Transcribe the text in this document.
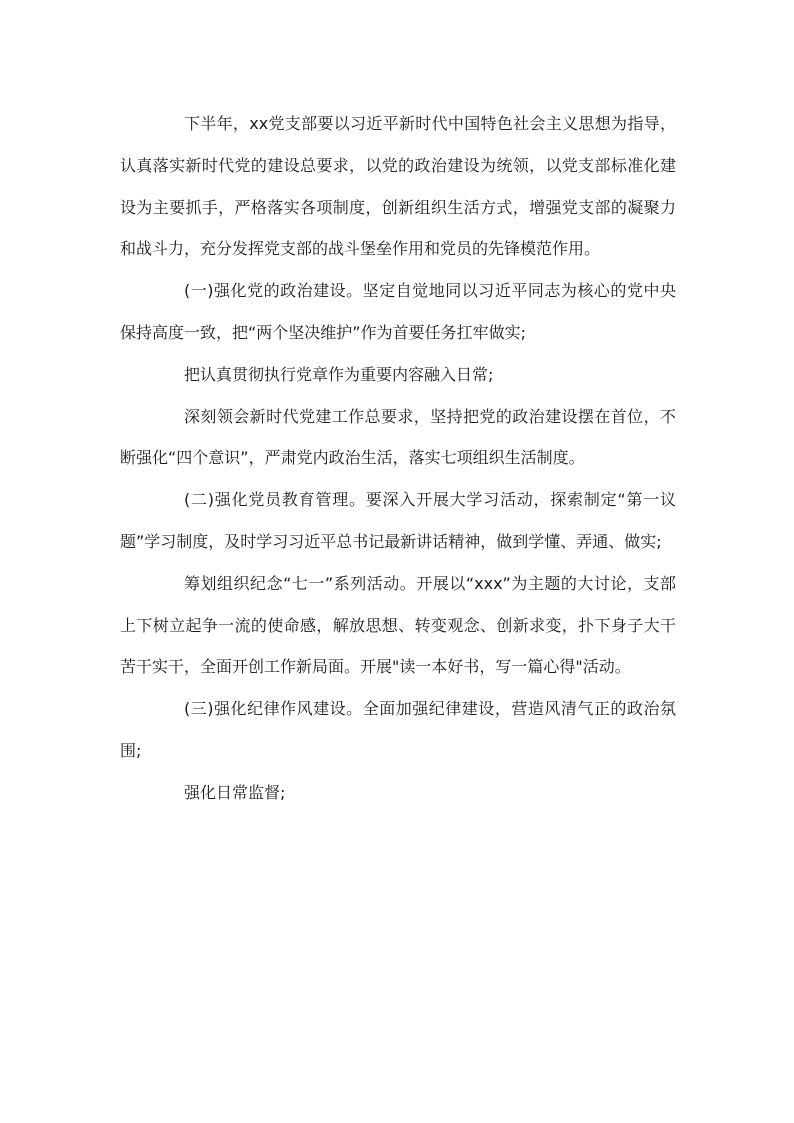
下半年，xx党支部要以习近平新时代中国特色社会主义思想为指导，认真落实新时代党的建设总要求，以党的政治建设为统领，以党支部标准化建设为主要抓手，严格落实各项制度，创新组织生活方式，增强党支部的凝聚力和战斗力，充分发挥党支部的战斗堡垒作用和党员的先锋模范作用。

(一)强化党的政治建设。坚定自觉地同以习近平同志为核心的党中央保持高度一致，把“两个坚决维护”作为首要任务扛牢做实;

把认真贯彻执行党章作为重要内容融入日常;

深刻领会新时代党建工作总要求，坚持把党的政治建设摆在首位，不断强化“四个意识”，严肃党内政治生活，落实七项组织生活制度。

(二)强化党员教育管理。要深入开展大学习活动，探索制定“第一议题”学习制度，及时学习习近平总书记最新讲话精神，做到学懂、弄通、做实;

筹划组织纪念“七一”系列活动。开展以“xxx”为主题的大讨论，支部上下树立起争一流的使命感，解放思想、转变观念、创新求变，扑下身子大干苦干实干，全面开创工作新局面。开展"读一本好书，写一篇心得"活动。

(三)强化纪律作风建设。全面加强纪律建设，营造风清气正的政治氛围;

强化日常监督;
